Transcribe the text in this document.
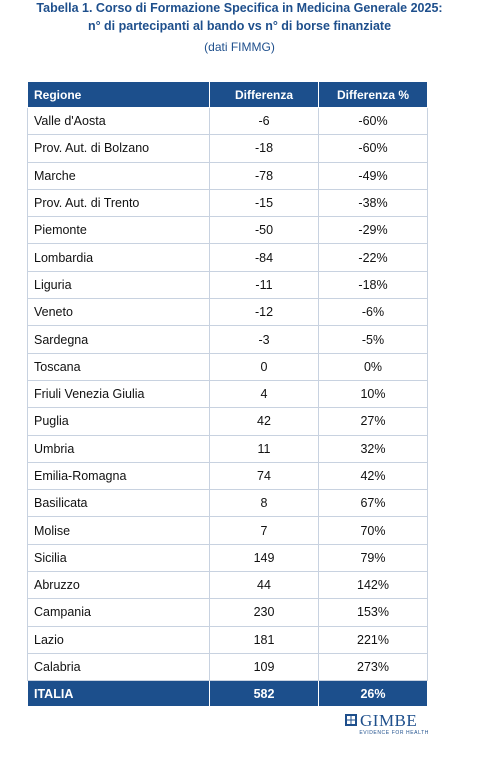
Tabella 1. Corso di Formazione Specifica in Medicina Generale 2025:
n° di partecipanti al bando vs n° di borse finanziate
(dati FIMMG)
Regione	Differenza	Differenza %
Valle d'Aosta	-6	-60%
Prov. Aut. di Bolzano	-18	-60%
Marche	-78	-49%
Prov. Aut. di Trento	-15	-38%
Piemonte	-50	-29%
Lombardia	-84	-22%
Liguria	-11	-18%
Veneto	-12	-6%
Sardegna	-3	-5%
Toscana	0	0%
Friuli Venezia Giulia	4	10%
Puglia	42	27%
Umbria	11	32%
Emilia-Romagna	74	42%
Basilicata	8	67%
Molise	7	70%
Sicilia	149	79%
Abruzzo	44	142%
Campania	230	153%
Lazio	181	221%
Calabria	109	273%
ITALIA	582	26%
GIMBE
EVIDENCE FOR HEALTH
